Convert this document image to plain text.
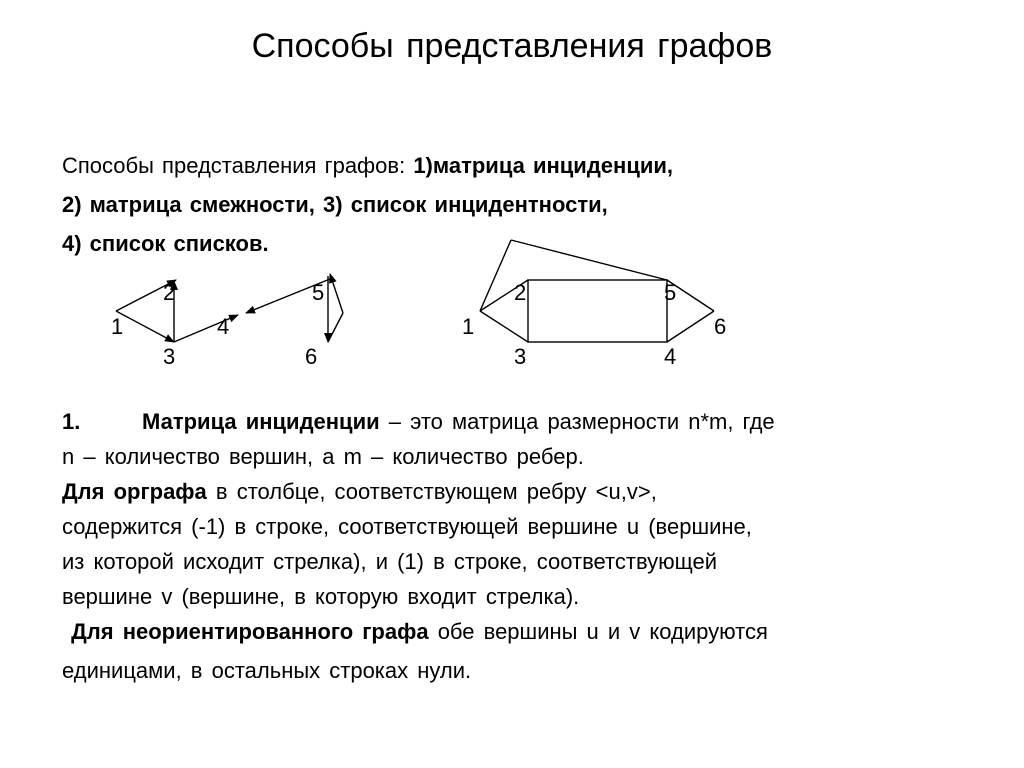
Способы представления графов

Способы представления графов: 1)матрица инциденции,

2) матрица смежности, 3) список инцидентности,

4) список списков.

1
2
3
4
5
6
1
2
3	4
5
6

1.	Матрица инциденции – это матрица размерности n*m, где

n – количество вершин, а m – количество ребер.

Для орграфа в столбце, соответствующем ребру <u,v>,

содержится (-1) в строке, соответствующей вершине u (вершине,

из которой исходит стрелка), и (1) в строке, соответствующей

вершине v (вершине, в которую входит стрелка).

Для неориентированного графа обе вершины u и v кодируются

единицами, в остальных строках нули.
